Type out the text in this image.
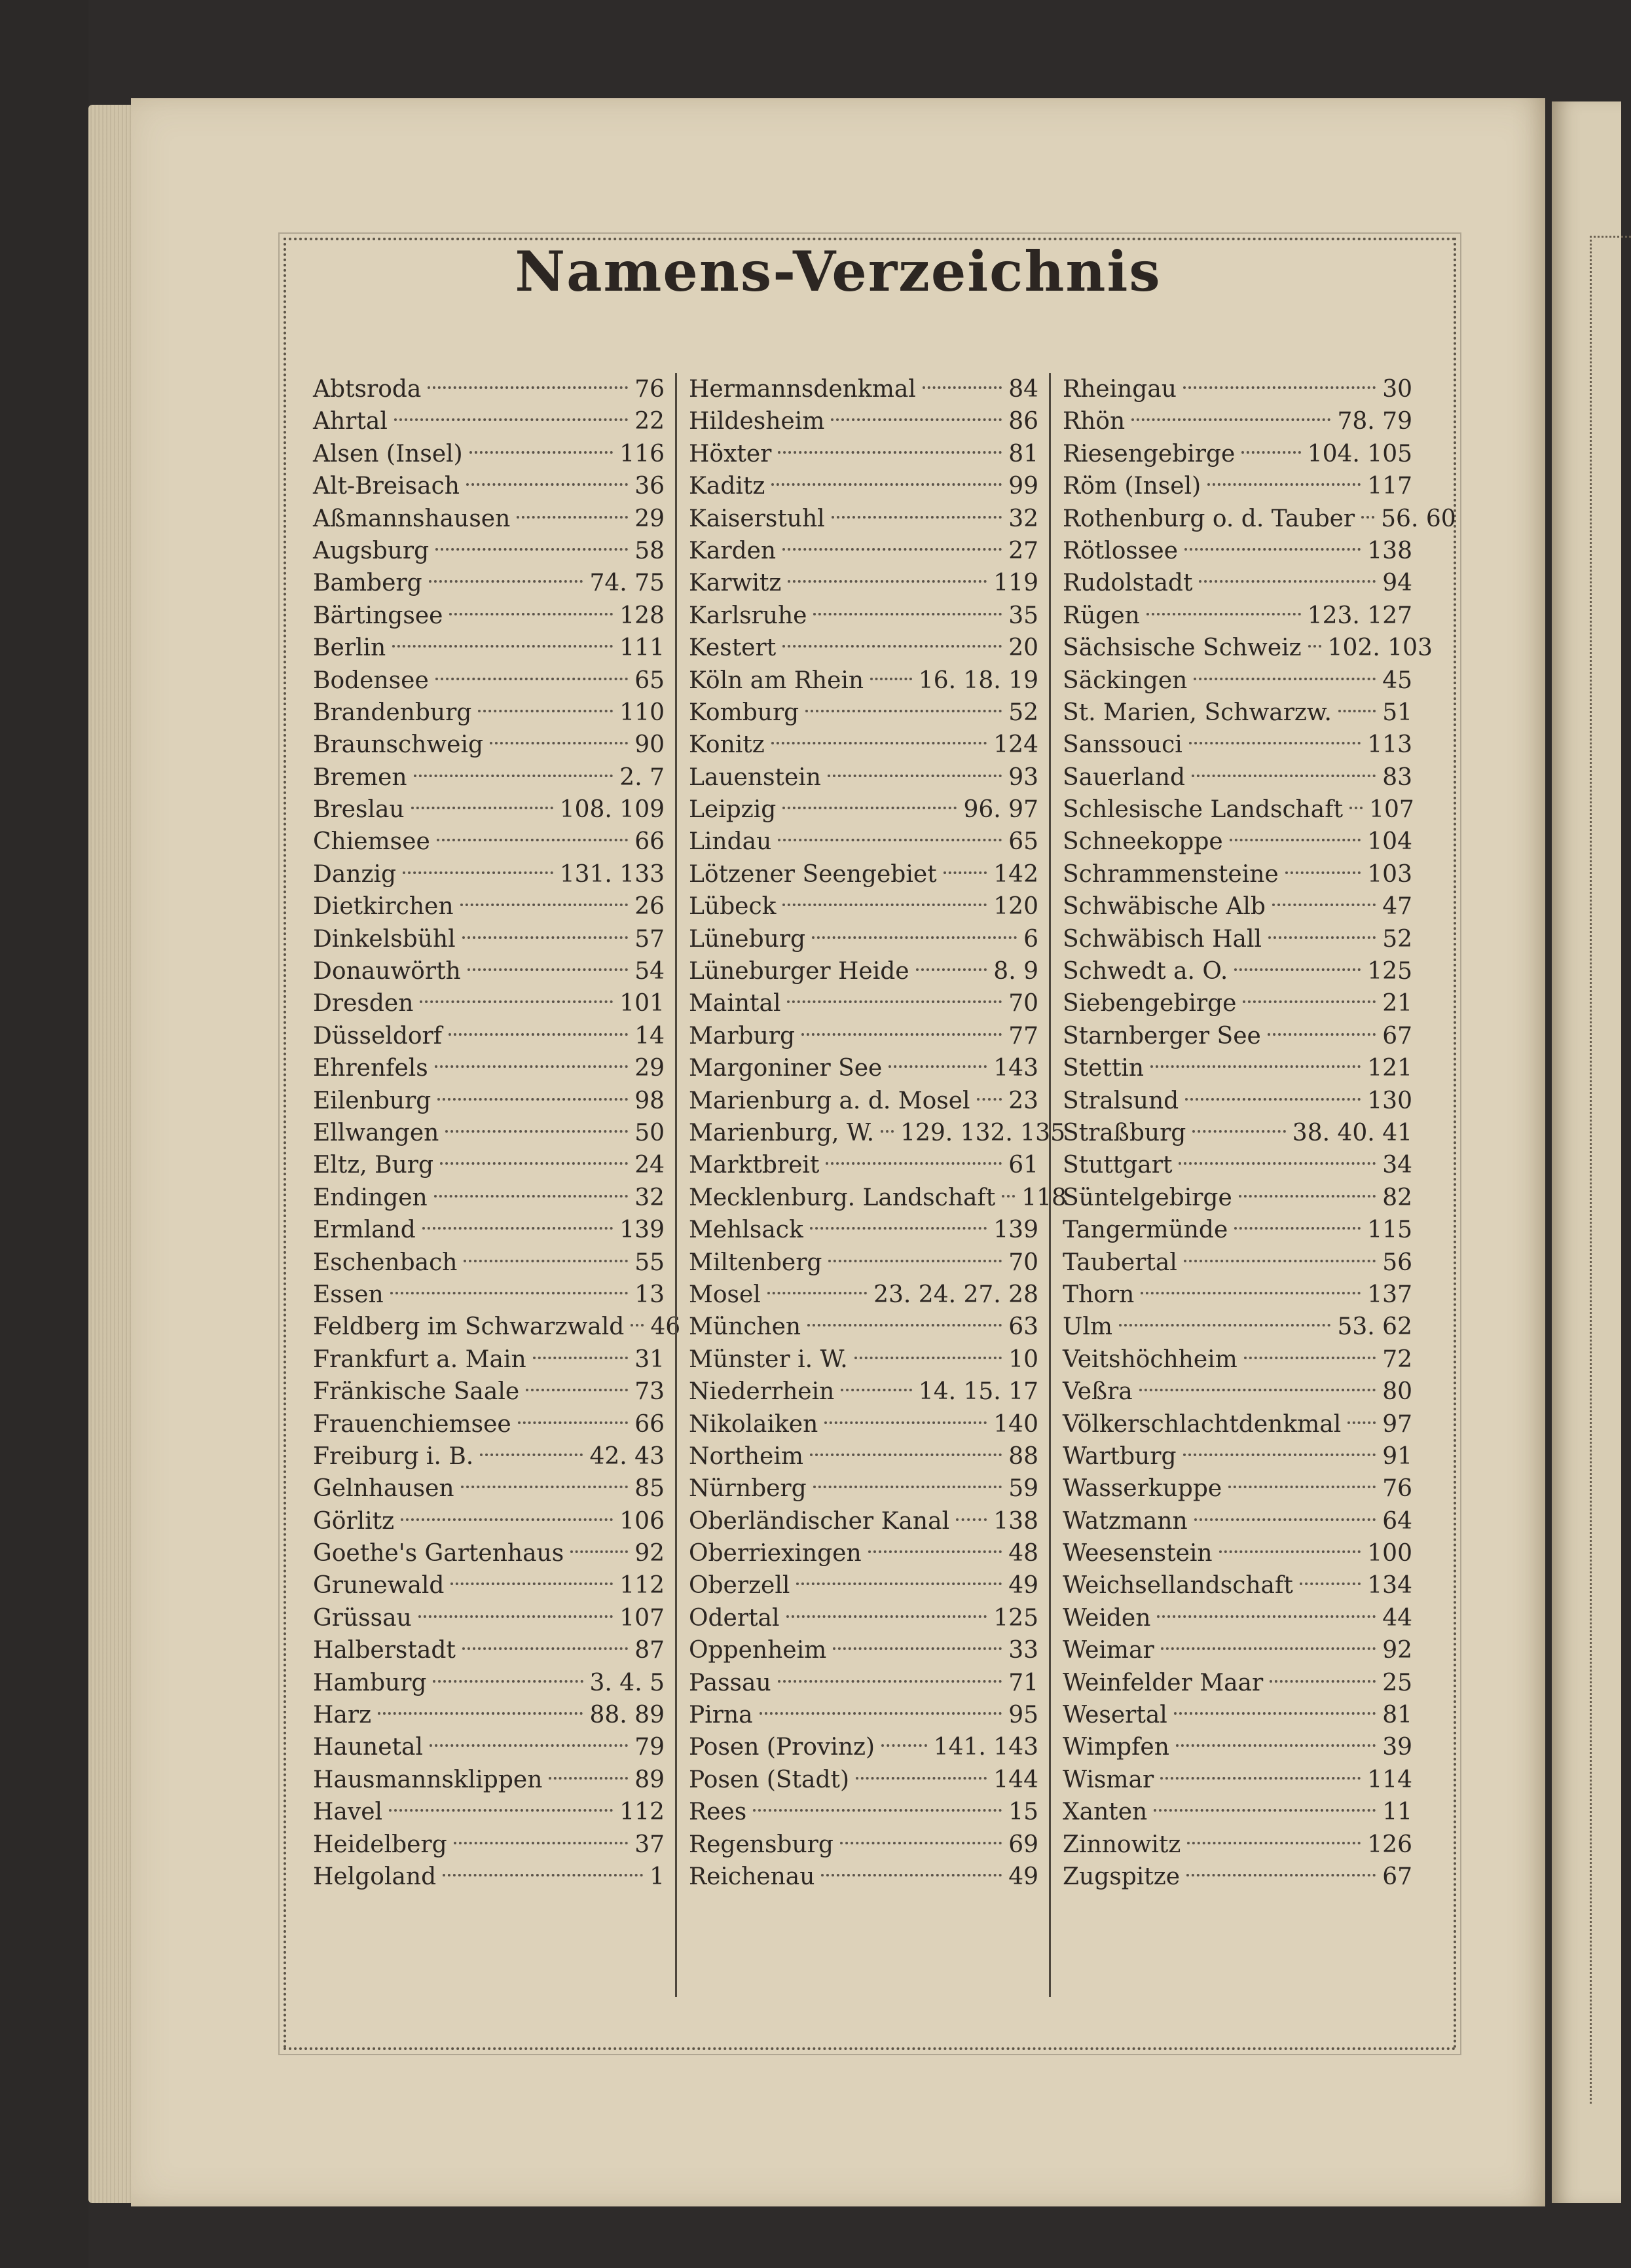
Namens-Verzeichnis
Abtsroda	76
Ahrtal	22
Alsen (Insel)	116
Alt-Breisach	36
Aßmannshausen	29
Augsburg	58
Bamberg	74. 75
Bärtingsee	128
Berlin	111
Bodensee	65
Brandenburg	110
Braunschweig	90
Bremen	2. 7
Breslau	108. 109
Chiemsee	66
Danzig	131. 133
Dietkirchen	26
Dinkelsbühl	57
Donauwörth	54
Dresden	101
Düsseldorf	14
Ehrenfels	29
Eilenburg	98
Ellwangen	50
Eltz, Burg	24
Endingen	32
Ermland	139
Eschenbach	55
Essen	13
Feldberg im Schwarzwald 46
Frankfurt a. Main	31
Fränkische Saale	73
Frauenchiemsee	66
Freiburg i. B.	42. 43
Gelnhausen	85
Görlitz	106
Goethe's Gartenhaus	92
Grunewald	112
Grüssau	107
Halberstadt	87
Hamburg	3. 4. 5
Harz	88. 89
Haunetal	79
Hausmannsklippen	89
Havel	112
Heidelberg	37
Helgoland	1
Hermannsdenkmal	84
Hildesheim	86
Höxter	81
Kaditz	99
Kaiserstuhl	32
Karden	27
Karwitz	119
Karlsruhe	35
Kestert	20
Köln am Rhein 16. 18. 19
Komburg	52
Konitz	124
Lauenstein	93
Leipzig	96. 97
Lindau	65
Lötzener Seengebiet 142
Lübeck	120
Lüneburg	6
Lüneburger Heide	8. 9
Maintal	70
Marburg	77
Margoniner See	143
Marienburg a. d. Mosel 23
Marienburg, W. 129. 132. 135
Marktbreit	61
Mecklenburg. Landschaft 118
Mehlsack	139
Miltenberg	70
Mosel	23. 24. 27. 28
München	63
Münster i. W.	10
Niederrhein	14. 15. 17
Nikolaiken	140
Northeim	88
Nürnberg	59
Oberländischer Kanal 138
Oberriexingen	48
Oberzell	49
Odertal	125
Oppenheim	33
Passau	71
Pirna	95
Posen (Provinz) 141. 143
Posen (Stadt)	144
Rees	15
Regensburg	69
Reichenau	49
Rheingau	30
Rhön	78. 79
Riesengebirge	104. 105
Röm (Insel)	117
Rothenburg o. d. Tauber 56. 60
Rötlossee	138
Rudolstadt	94
Rügen	123. 127
Sächsische Schweiz 102. 103
Säckingen	45
St. Marien, Schwarzw. 51
Sanssouci	113
Sauerland	83
Schlesische Landschaft 107
Schneekoppe	104
Schrammensteine	103
Schwäbische Alb	47
Schwäbisch Hall	52
Schwedt a. O.	125
Siebengebirge	21
Starnberger See	67
Stettin	121
Stralsund	130
Straßburg	38. 40. 41
Stuttgart	34
Süntelgebirge	82
Tangermünde	115
Taubertal	56
Thorn	137
Ulm	53. 62
Veitshöchheim	72
Veßra	80
Völkerschlachtdenkmal 97
Wartburg	91
Wasserkuppe	76
Watzmann	64
Weesenstein	100
Weichsellandschaft	134
Weiden	44
Weimar	92
Weinfelder Maar	25
Wesertal	81
Wimpfen	39
Wismar	114
Xanten	11
Zinnowitz	126
Zugspitze	67
